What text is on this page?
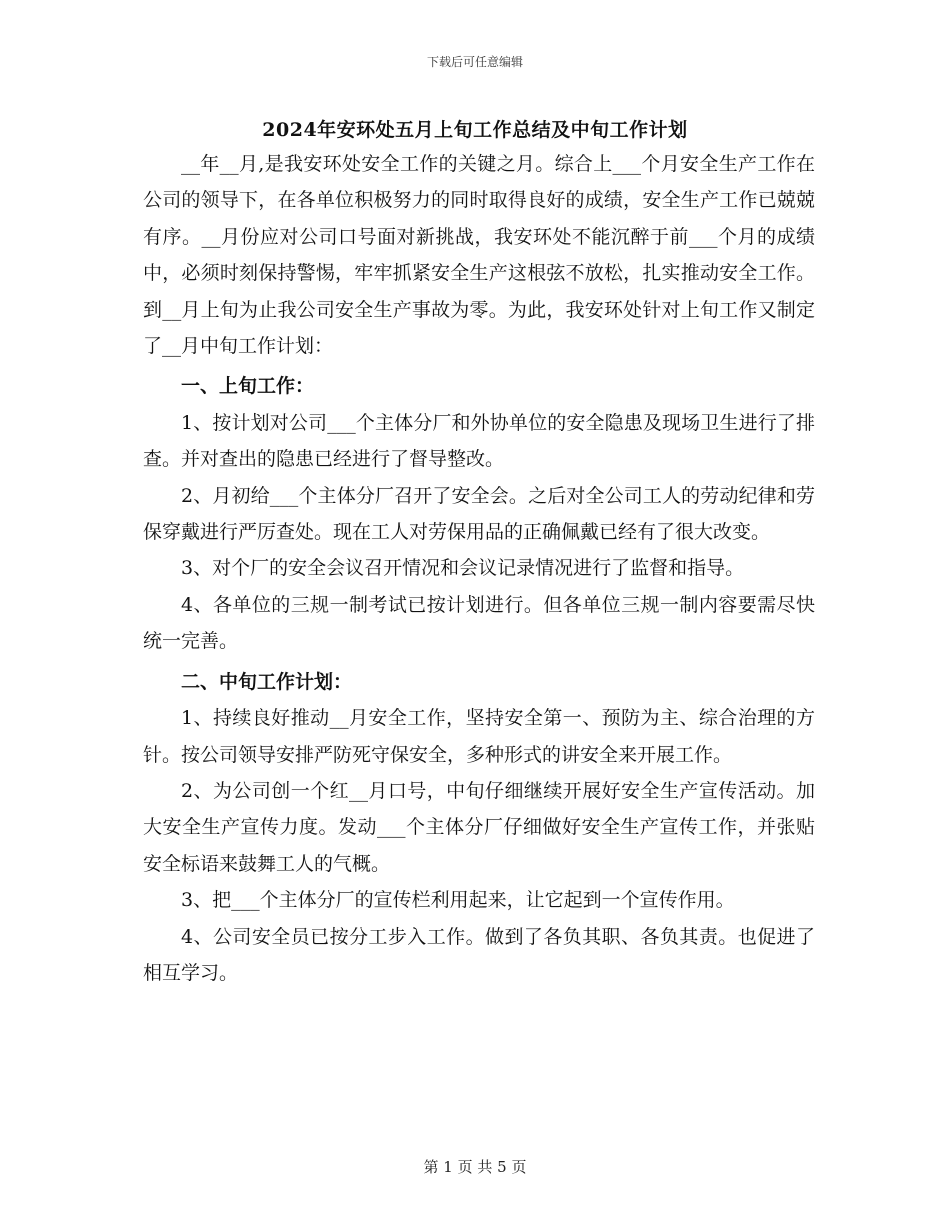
下载后可任意编辑
2024年安环处五月上旬工作总结及中旬工作计划

__年__月,是我安环处安全工作的关键之月。综合上___个月安全生产工作在公司的领导下，在各单位积极努力的同时取得良好的成绩，安全生产工作已兢兢有序。__月份应对公司口号面对新挑战，我安环处不能沉醉于前___个月的成绩中，必须时刻保持警惕，牢牢抓紧安全生产这根弦不放松，扎实推动安全工作。到__月上旬为止我公司安全生产事故为零。为此，我安环处针对上旬工作又制定了__月中旬工作计划：

一、上旬工作：

1、按计划对公司___个主体分厂和外协单位的安全隐患及现场卫生进行了排查。并对查出的隐患已经进行了督导整改。

2、月初给___个主体分厂召开了安全会。之后对全公司工人的劳动纪律和劳保穿戴进行严厉查处。现在工人对劳保用品的正确佩戴已经有了很大改变。

3、对个厂的安全会议召开情况和会议记录情况进行了监督和指导。

4、各单位的三规一制考试已按计划进行。但各单位三规一制内容要需尽快统一完善。

二、中旬工作计划：

1、持续良好推动__月安全工作，坚持安全第一、预防为主、综合治理的方针。按公司领导安排严防死守保安全，多种形式的讲安全来开展工作。

2、为公司创一个红__月口号，中旬仔细继续开展好安全生产宣传活动。加大安全生产宣传力度。发动___个主体分厂仔细做好安全生产宣传工作，并张贴安全标语来鼓舞工人的气概。

3、把___个主体分厂的宣传栏利用起来，让它起到一个宣传作用。

4、公司安全员已按分工步入工作。做到了各负其职、各负其责。也促进了相互学习。

第 1 页 共 5 页
